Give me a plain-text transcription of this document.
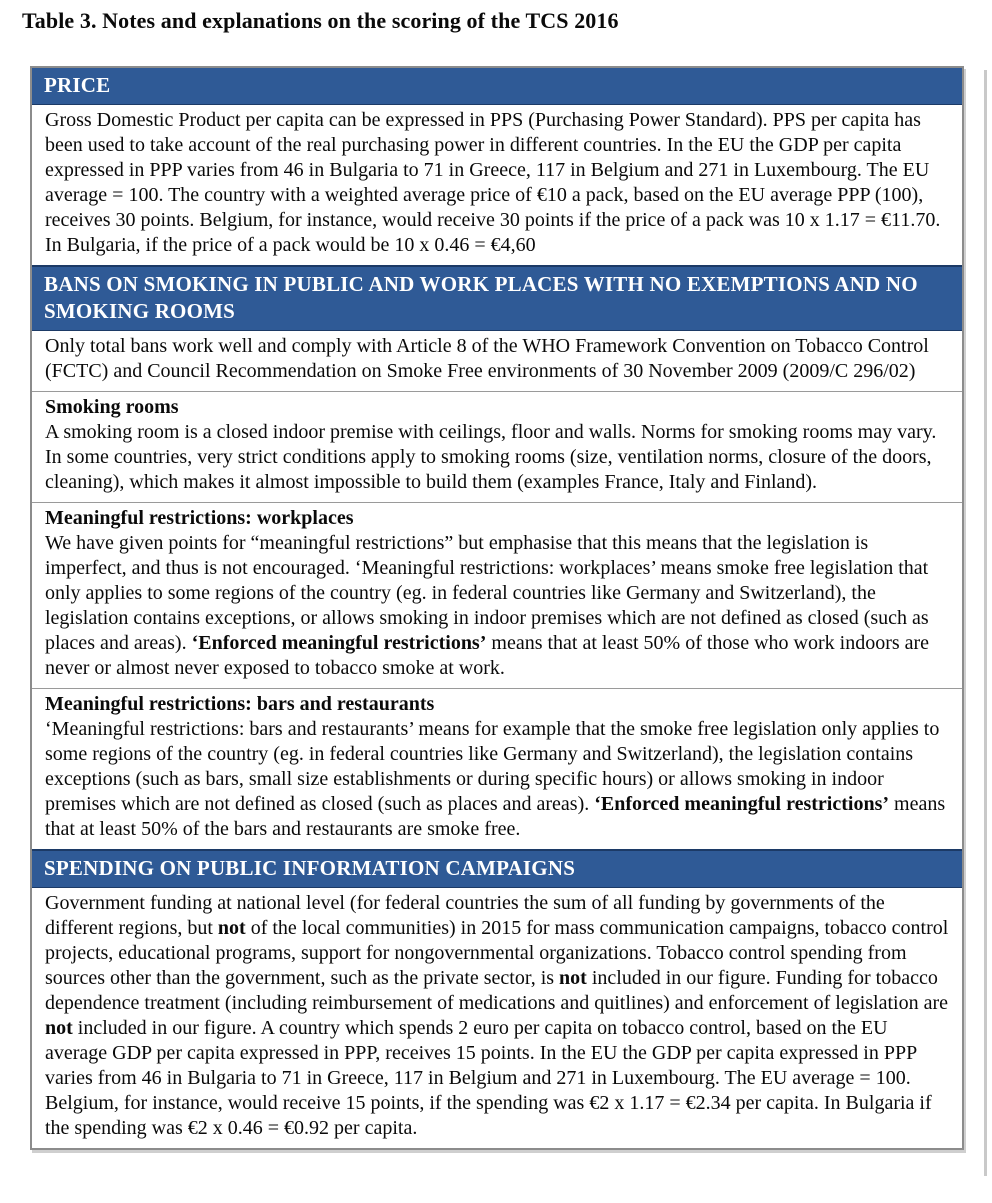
Table 3. Notes and explanations on the scoring of the TCS 2016
PRICE

Gross Domestic Product per capita can be expressed in PPS (Purchasing Power Standard). PPS per capita has been used to take account of the real purchasing power in different countries. In the EU the GDP per capita expressed in PPP varies from 46 in Bulgaria to 71 in Greece, 117 in Belgium and 271 in Luxembourg. The EU average = 100. The country with a weighted average price of €10 a pack, based on the EU average PPP (100), receives 30 points. Belgium, for instance, would receive 30 points if the price of a pack was 10 x 1.17 = €11.70. In Bulgaria, if the price of a pack would be 10 x 0.46 = €4,60

BANS ON SMOKING IN PUBLIC AND WORK PLACES WITH NO EXEMPTIONS AND NO SMOKING ROOMS

Only total bans work well and comply with Article 8 of the WHO Framework Convention on Tobacco Control (FCTC) and Council Recommendation on Smoke Free environments of 30 November 2009 (2009/C 296/02)

Smoking rooms
A smoking room is a closed indoor premise with ceilings, floor and walls. Norms for smoking rooms may vary. In some countries, very strict conditions apply to smoking rooms (size, ventilation norms, closure of the doors, cleaning), which makes it almost impossible to build them (examples France, Italy and Finland).

Meaningful restrictions: workplaces
We have given points for “meaningful restrictions” but emphasise that this means that the legislation is imperfect, and thus is not encouraged. ‘Meaningful restrictions: workplaces’ means smoke free legislation that only applies to some regions of the country (eg. in federal countries like Germany and Switzerland), the legislation contains exceptions, or allows smoking in indoor premises which are not defined as closed (such as places and areas). ‘Enforced meaningful restrictions’ means that at least 50% of those who work indoors are never or almost never exposed to tobacco smoke at work.

Meaningful restrictions: bars and restaurants
‘Meaningful restrictions: bars and restaurants’ means for example that the smoke free legislation only applies to some regions of the country (eg. in federal countries like Germany and Switzerland), the legislation contains exceptions (such as bars, small size establishments or during specific hours) or allows smoking in indoor premises which are not defined as closed (such as places and areas). ‘Enforced meaningful restrictions’ means that at least 50% of the bars and restaurants are smoke free.

SPENDING ON PUBLIC INFORMATION CAMPAIGNS

Government funding at national level (for federal countries the sum of all funding by governments of the different regions, but not of the local communities) in 2015 for mass communication campaigns, tobacco control projects, educational programs, support for nongovernmental organizations. Tobacco control spending from sources other than the government, such as the private sector, is not included in our figure. Funding for tobacco dependence treatment (including reimbursement of medications and quitlines) and enforcement of legislation are not included in our figure. A country which spends 2 euro per capita on tobacco control, based on the EU average GDP per capita expressed in PPP, receives 15 points. In the EU the GDP per capita expressed in PPP varies from 46 in Bulgaria to 71 in Greece, 117 in Belgium and 271 in Luxembourg. The EU average = 100. Belgium, for instance, would receive 15 points, if the spending was €2 x 1.17 = €2.34 per capita. In Bulgaria if the spending was €2 x 0.46 = €0.92 per capita.
